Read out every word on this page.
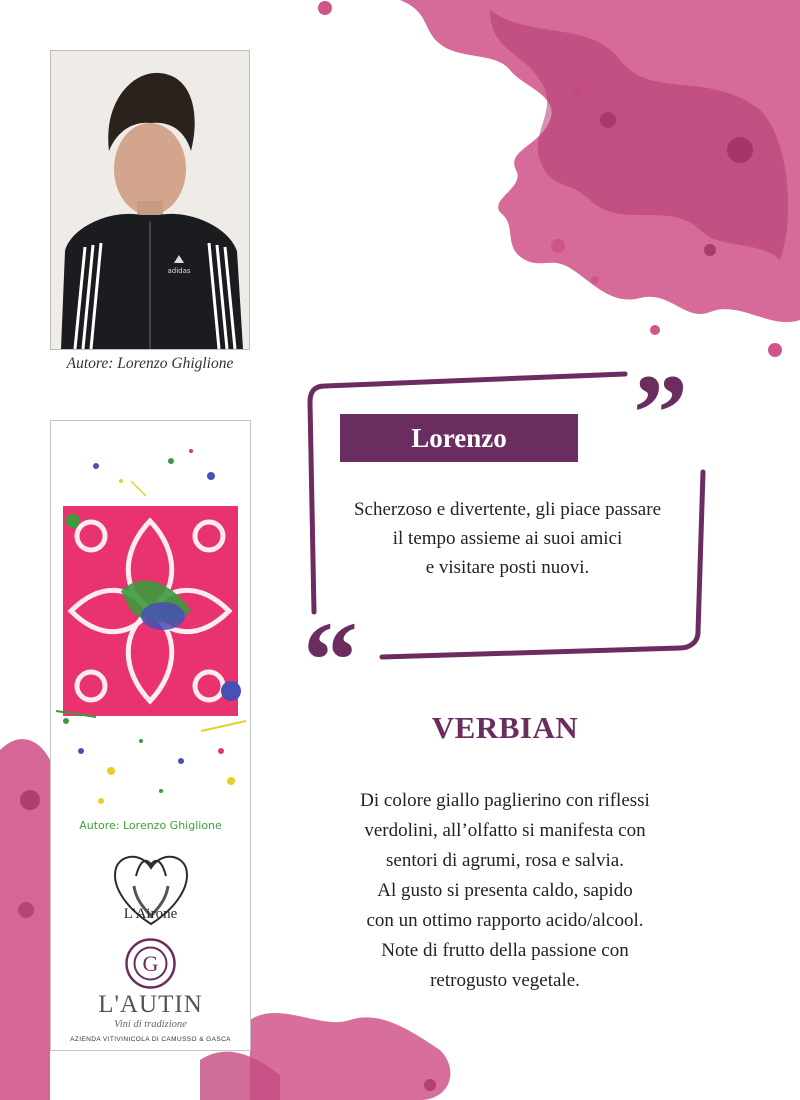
adidas
Autore: Lorenzo Ghiglione
Autore: Lorenzo Ghiglione
L'Airone
G
L'AUTIN
Vini di tradizione
AZIENDA VITIVINICOLA DI CAMUSSO & GASCA
”
“
Lorenzo
Scherzoso e divertente, gli piace passare
il tempo assieme ai suoi amici
e visitare posti nuovi.
VERBIAN
Di colore giallo paglierino con riflessi
verdolini, all’olfatto si manifesta con
sentori di agrumi, rosa e salvia.
Al gusto si presenta caldo, sapido
con un ottimo rapporto acido/alcool.
Note di frutto della passione con
retrogusto vegetale.
